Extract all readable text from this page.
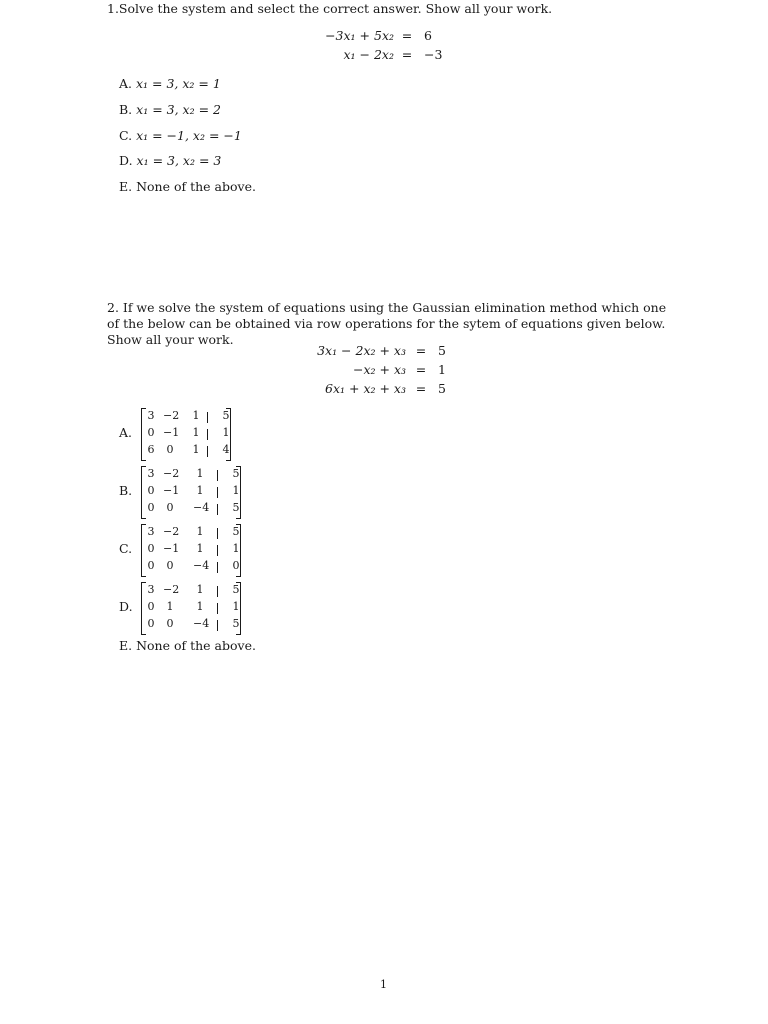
1.Solve the system and select the correct answer. Show all your work.
−3x₁ + 5x₂ = 6
x₁ − 2x₂ = −3
A. x₁ = 3, x₂ = 1
B. x₁ = 3, x₂ = 2
C. x₁ = −1, x₂ = −1
D. x₁ = 3, x₂ = 3
E. None of the above.
2. If we solve the system of equations using the Gaussian elimination method which one of the below can be obtained via row operations for the sytem of equations given below. Show all your work.
3x₁ − 2x₂ + x₃ = 5
−x₂ + x₃ = 1
6x₁ + x₂ + x₃ = 5
A.
3 −2	1	5
0 −1	1	1
6	0	1	4
B.
3 −2	1	5
0 −1	1	1
0	0	−4	5
C.
3 −2	1	5
0 −1	1	1
0	0	−4	0
D.
3 −2	1	5
0	1	1	1
0	0	−4	5
E. None of the above.
1
